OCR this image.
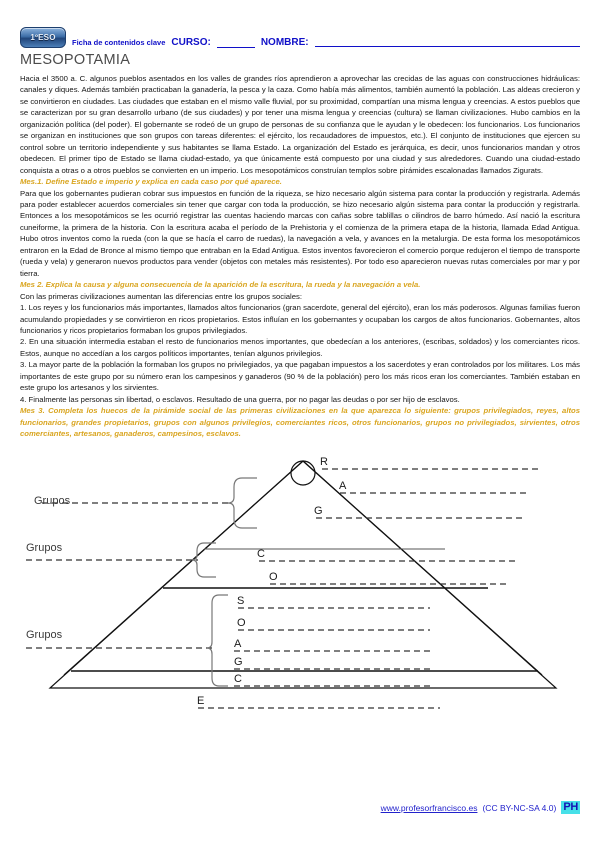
1ºESO
Ficha de contenidos clave CURSO:	NOMBRE:
MESOPOTAMIA

Hacia el 3500 a. C. algunos pueblos asentados en los valles de grandes ríos aprendieron a aprovechar las crecidas de las aguas con construcciones hidráulicas: canales y diques. Además también practicaban la ganadería, la pesca y la caza. Como había más alimentos, también aumentó la población. Las aldeas crecieron y se convirtieron en ciudades. Las ciudades que estaban en el mismo valle fluvial, por su proximidad, compartían una misma lengua y creencias. A estos pueblos que se caracterizan por su gran desarrollo urbano (de sus ciudades) y por tener una misma lengua y creencias (cultura) se llaman civilizaciones. Hubo cambios en la organización política (del poder). El gobernante se rodeó de un grupo de personas de su confianza que le ayudan y le obedecen: los funcionarios. Los funcionarios se organizan en instituciones que son grupos con tareas diferentes: el ejército, los recaudadores de impuestos, etc.). El conjunto de instituciones que ejercen su control sobre un territorio independiente y sus habitantes se llama Estado. La organización del Estado es jerárquica, es decir, unos funcionarios mandan y otros obedecen. El primer tipo de Estado se llama ciudad-estado, ya que únicamente está compuesto por una ciudad y sus alrededores. Cuando una ciudad-estado conquista a otras o a otros pueblos se convierten en un imperio. Los mesopotámicos construían templos sobre pirámides escalonadas llamados Zigurats.

Mes.1. Define Estado e imperio y explica en cada caso por qué aparece.

Para que los gobernantes pudieran cobrar sus impuestos en función de la riqueza, se hizo necesario algún sistema para contar la producción y registrarla. Además para poder establecer acuerdos comerciales sin tener que cargar con toda la producción, se hizo necesario algún sistema para contar la producción y registrarla. Entonces a los mesopotámicos se les ocurrió registrar las cuentas haciendo marcas con cañas sobre tablillas o cilindros de barro húmedo. Así nació la escritura cuneiforme, la primera de la historia. Con la escritura acaba el período de la Prehistoria y el comienza de la primera etapa de la historia, llamada Edad Antigua. Hubo otros inventos como la rueda (con la que se hacía el carro de ruedas), la navegación a vela, y avances en la metalurgia. De esta forma los mesopotámicos entraron en la Edad de Bronce al mismo tiempo que entraban en la Edad Antigua. Estos inventos favorecieron el comercio porque redujeron el tiempo de transporte (rueda y vela) y generaron nuevos productos para vender (objetos con metales más resistentes). Por todo eso aparecieron nuevas rutas comerciales por mar y por tierra.

Mes 2. Explica la causa y alguna consecuencia de la aparición de la escritura, la rueda y la navegación a vela.

Con las primeras civilizaciones aumentan las diferencias entre los grupos sociales:

1. Los reyes y los funcionarios más importantes, llamados altos funcionarios (gran sacerdote, general del ejército), eran los más poderosos. Algunas familias fueron acumulando propiedades y se convirtieron en ricos propietarios. Estos influían en los gobernantes y ocupaban los cargos de altos funcionarios. Gobernantes, altos funcionarios y ricos propietarios formaban los grupos privilegiados.

2. En una situación intermedia estaban el resto de funcionarios menos importantes, que obedecían a los anteriores, (escribas, soldados) y los comerciantes ricos. Estos, aunque no accedían a los cargos políticos importantes, tenían algunos privilegios.

3. La mayor parte de la población la formaban los grupos no privilegiados, ya que pagaban impuestos a los sacerdotes y eran controlados por los militares. Los más importantes de este grupo por su número eran los campesinos y ganaderos (90 % de la población) pero los más ricos eran los comerciantes. También estaban en este grupo los artesanos y los sirvientes.

4. Finalmente las personas sin libertad, o esclavos. Resultado de una guerra, por no pagar las deudas o por ser hijo de esclavos.

Mes 3. Completa los huecos de la pirámide social de las primeras civilizaciones en la que aparezca lo siguiente: grupos privilegiados, reyes, altos funcionarios, grandes propietarios, grupos con algunos privilegios, comerciantes ricos, otros funcionarios, grupos no privilegiados, sirvientes, otros comerciantes, artesanos, ganaderos, campesinos, esclavos.

Grupos
Grupos
Grupos
R
A
G
C
O
S
O
A
G
C
E
www.profesorfrancisco.es (CC BY-NC-SA 4.0) PH
